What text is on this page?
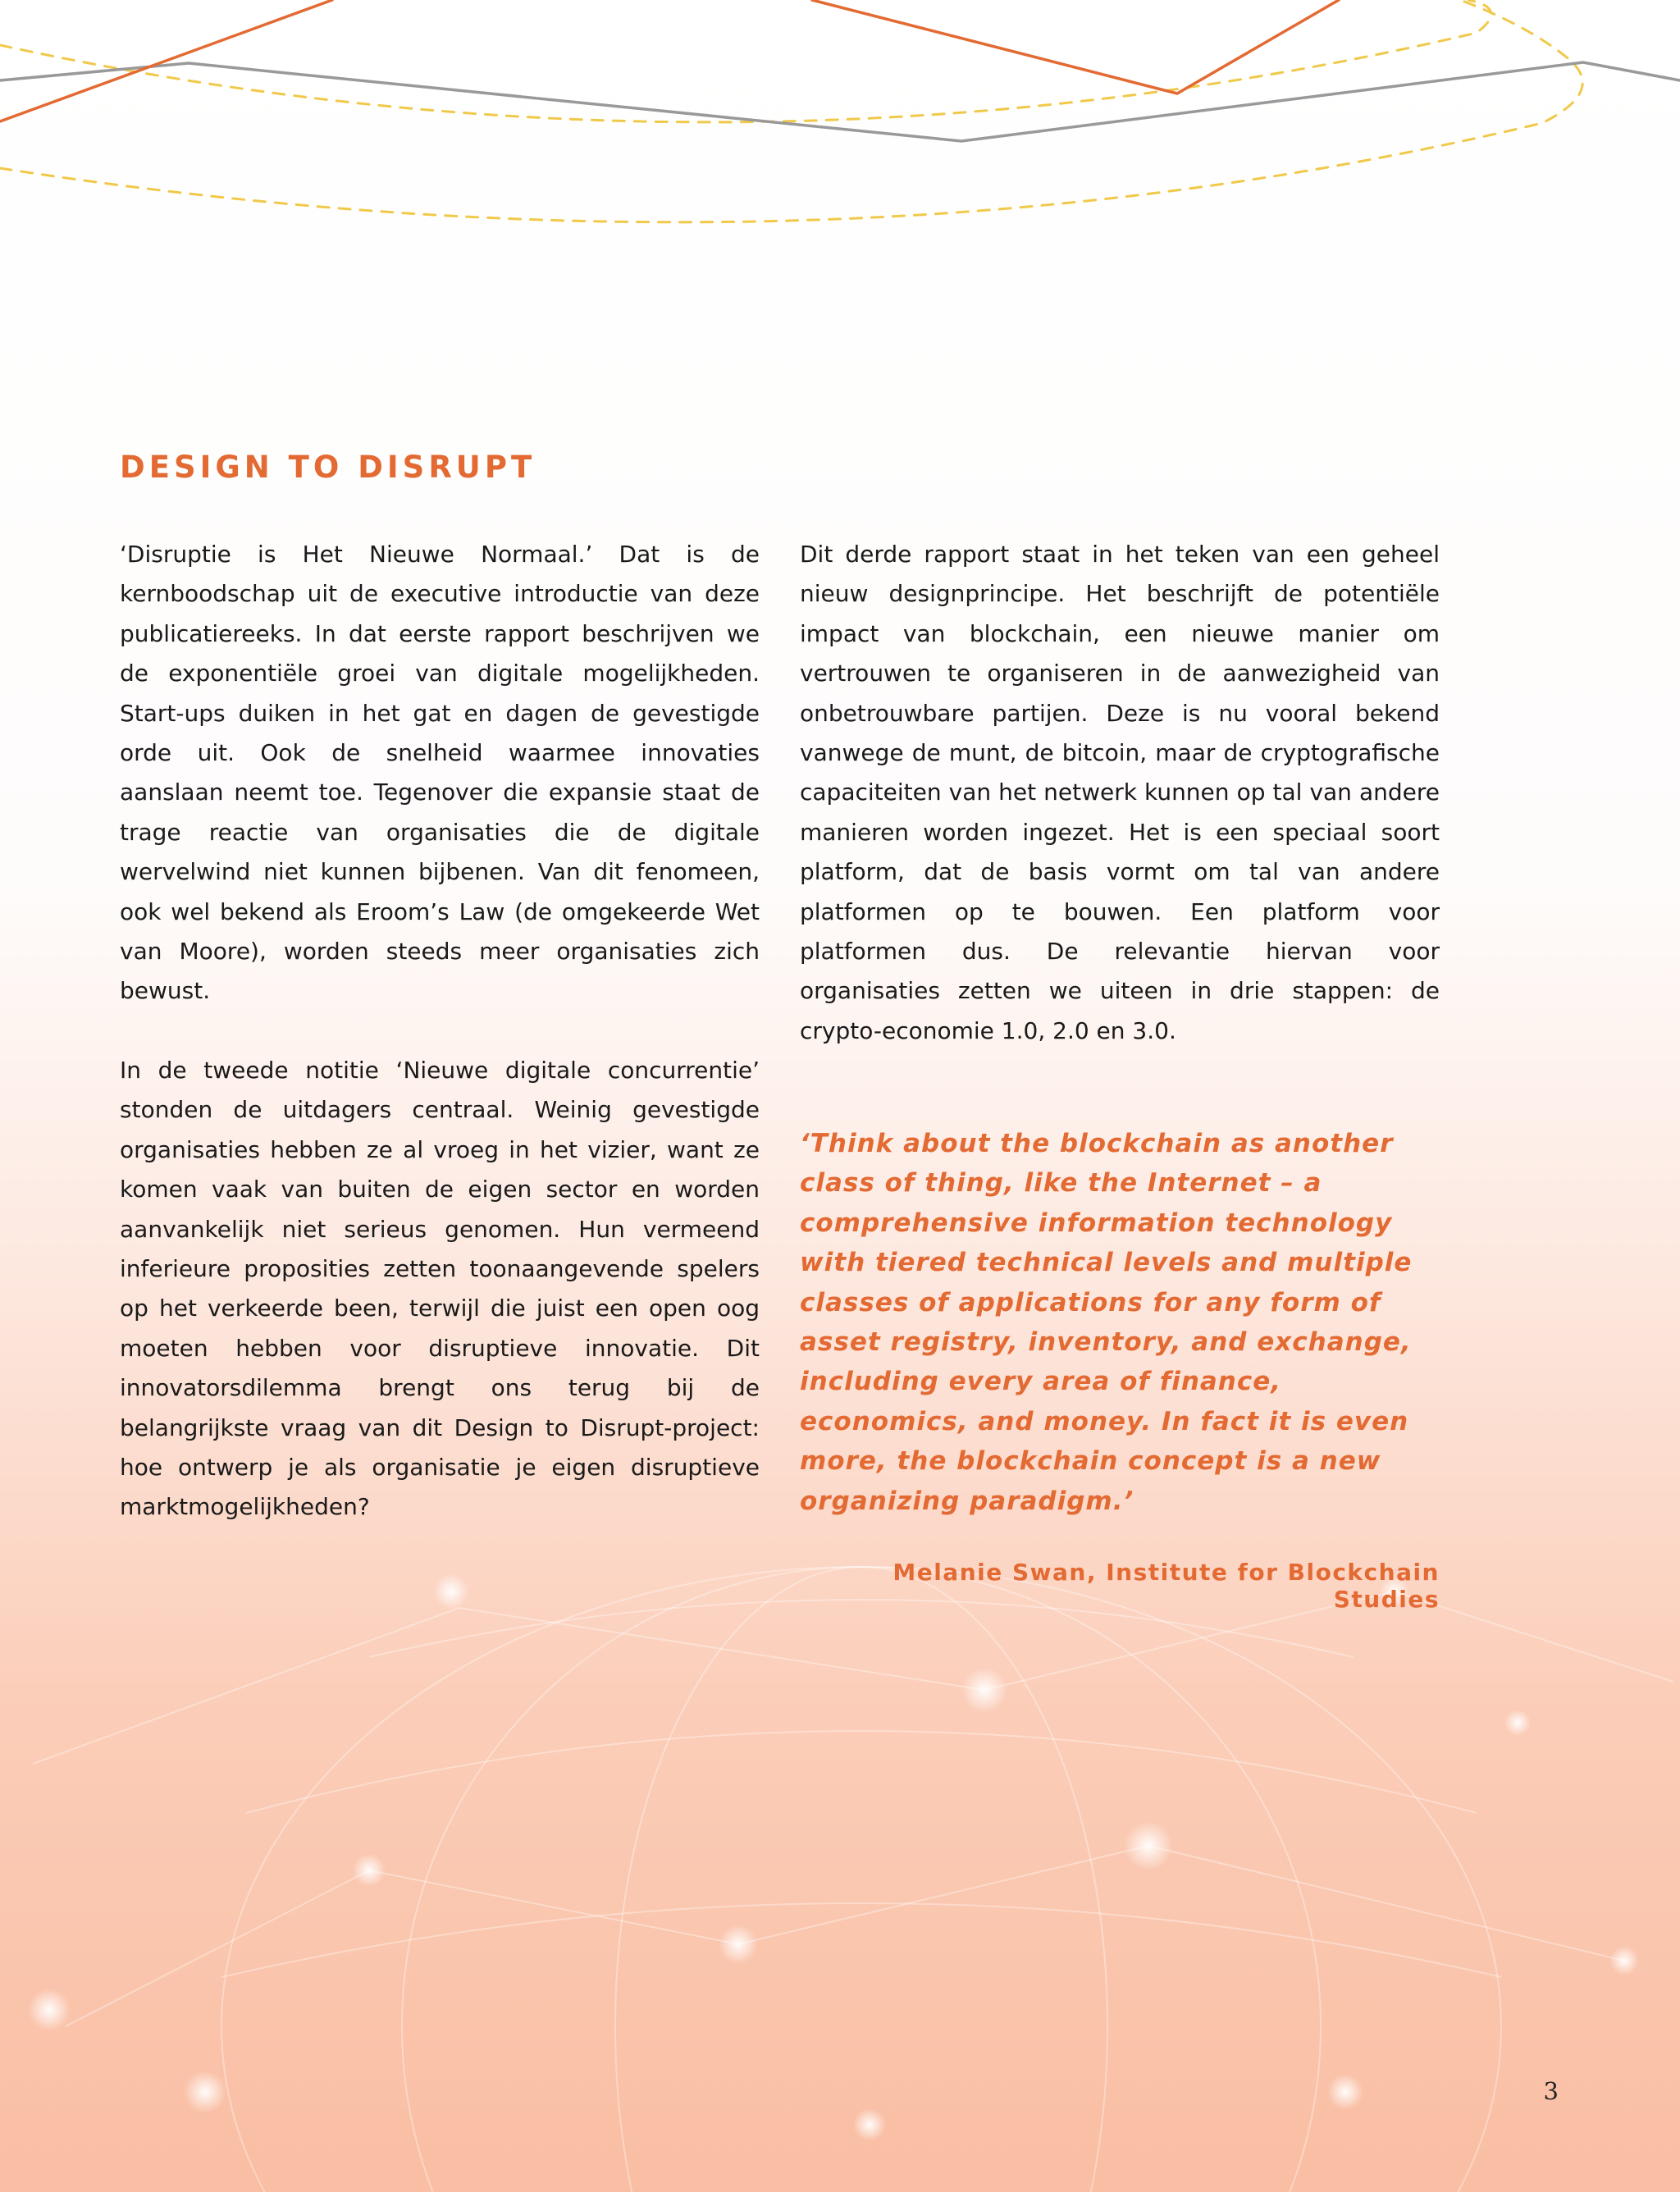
DESIGN TO DISRUPT

‘Disruptie is Het Nieuwe Normaal.’ Dat is de kernboodschap uit de executive introductie van deze publicatiereeks. In dat eerste rapport beschrijven we de exponentiële groei van digitale mogelijkheden. Start-ups duiken in het gat en dagen de gevestigde orde uit. Ook de snelheid waarmee innovaties aanslaan neemt toe. Tegenover die expansie staat de trage reactie van organisaties die de digitale wervelwind niet kunnen bijbenen. Van dit fenomeen, ook wel bekend als Eroom’s Law (de omgekeerde Wet van Moore), worden steeds meer organisaties zich bewust.

In de tweede notitie ‘Nieuwe digitale concurrentie’ stonden de uitdagers centraal. Weinig gevestigde organisaties hebben ze al vroeg in het vizier, want ze komen vaak van buiten de eigen sector en worden aanvankelijk niet serieus genomen. Hun vermeend inferieure proposities zetten toonaangevende spelers op het verkeerde been, terwijl die juist een open oog moeten hebben voor disruptieve innovatie. Dit innovatorsdilemma brengt ons terug bij de belangrijkste vraag van dit Design to Disrupt-project: hoe ontwerp je als organisatie je eigen disruptieve marktmogelijkheden?

Dit derde rapport staat in het teken van een geheel nieuw designprincipe. Het beschrijft de potentiële impact van blockchain, een nieuwe manier om vertrouwen te organiseren in de aanwezigheid van onbetrouwbare partijen. Deze is nu vooral bekend vanwege de munt, de bitcoin, maar de cryptografische capaciteiten van het netwerk kunnen op tal van andere manieren worden ingezet. Het is een speciaal soort platform, dat de basis vormt om tal van andere platformen op te bouwen. Een platform voor platformen dus. De relevantie hiervan voor organisaties zetten we uiteen in drie stappen: de crypto-economie 1.0, 2.0 en 3.0.

‘Think about the blockchain as another class of thing, like the Internet – a comprehensive information technology with tiered technical levels and multiple classes of applications for any form of asset registry, inventory, and exchange, including every area of finance, economics, and money. In fact it is even more, the blockchain concept is a new organizing paradigm.’

Melanie Swan, Institute for Blockchain Studies

3
